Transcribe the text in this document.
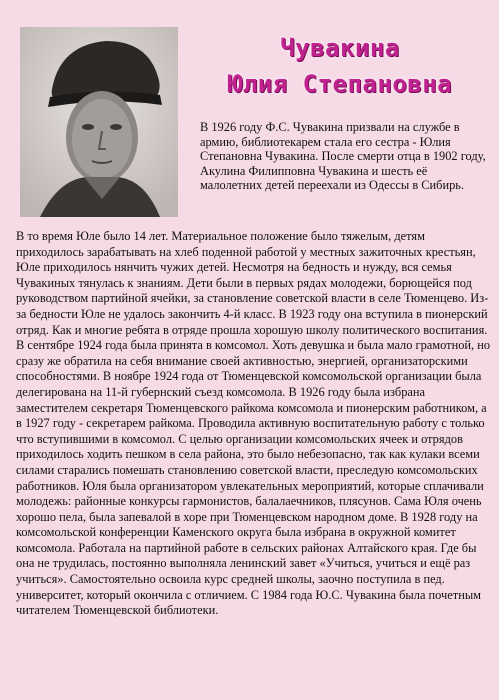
Чувакина
Юлия Степановна
В 1926 году Ф.С. Чувакина призвали на службе в армию, библиотекарем стала его сестра - Юлия Степановна Чувакина. После смерти отца в 1902 году, Акулина Филипповна Чувакина и шесть её малолетних детей переехали из Одессы в Сибирь.
В то время Юле было 14 лет. Материальное положение было тяжелым, детям приходилось зарабатывать на хлеб поденной работой у местных зажиточных крестьян, Юле приходилось нянчить чужих детей. Несмотря на бедность и нужду, вся семья Чувакиных тянулась к знаниям. Дети были в первых рядах молодежи, борющейся под руководством партийной ячейки, за становление советской власти в селе Тюменцево. Из-за бедности Юле не удалось закончить 4-й класс. В 1923 году она вступила в пионерский отряд. Как и многие ребята в отряде прошла хорошую школу политического воспитания. В сентябре 1924 года была принята в комсомол. Хоть девушка и была мало грамотной, но сразу же обратила на себя внимание своей активностью, энергией, организаторскими способностями. В ноябре 1924 года от Тюменцевской комсомольской организации была делегирована на 11-й губернский съезд комсомола. В 1926 году была избрана заместителем секретаря Тюменцевского райкома комсомола и пионерским работником, а в 1927 году - секретарем райкома. Проводила активную воспитательную работу с только что вступившими в комсомол. С целью организации комсомольских ячеек и отрядов приходилось ходить пешком в села района, это было небезопасно, так как кулаки всеми силами старались помешать становлению советской власти, преследую комсомольских работников. Юля была организатором увлекательных мероприятий, которые сплачивали молодежь: районные конкурсы гармонистов, балалаечников, плясунов. Сама Юля очень хорошо пела, была запевалой в хоре при Тюменцевском народном доме. В 1928 году на комсомольской конференции Каменского округа была избрана в окружной комитет комсомола. Работала на партийной работе в сельских районах Алтайского края. Где бы она не трудилась, постоянно выполняла ленинский завет «Учиться, учиться и ещё раз учиться». Самостоятельно освоила курс средней школы, заочно поступила в пед. университет, который окончила с отличием. С 1984 года Ю.С. Чувакина была почетным читателем Тюменцевской библиотеки.
